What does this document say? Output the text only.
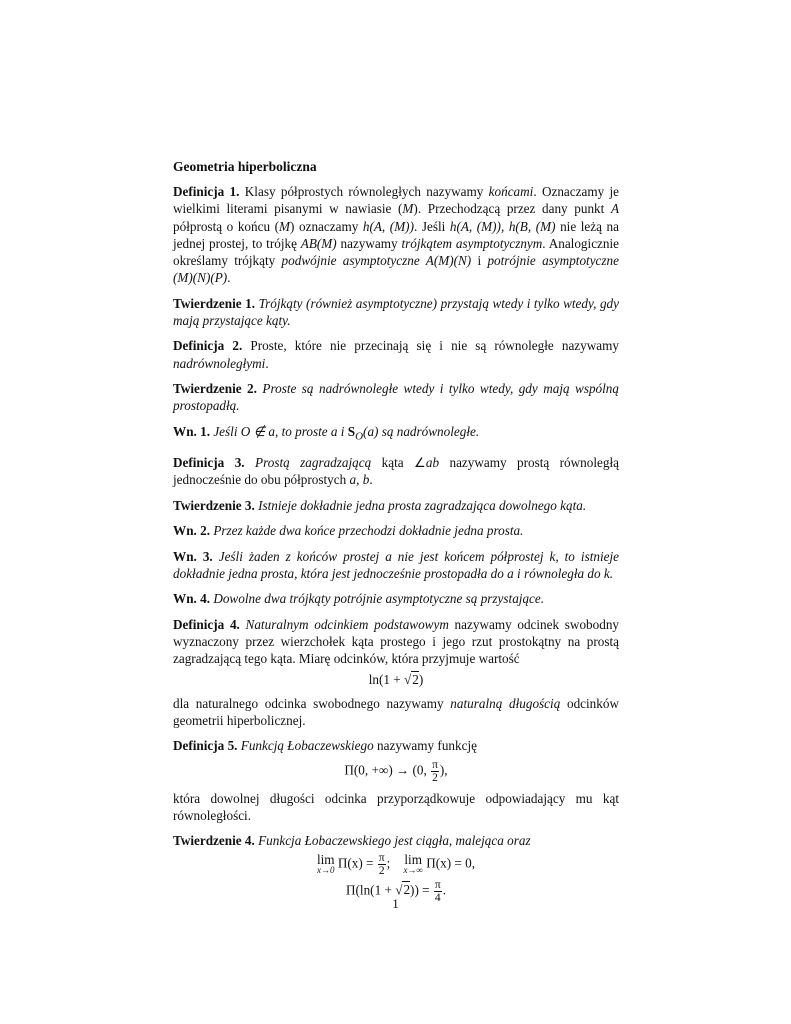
Geometria hiperboliczna

Definicja 1. Klasy półprostych równoległych nazywamy końcami. Oznaczamy je wielkimi literami pisanymi w nawiasie (M). Przechodzącą przez dany punkt A półprostą o końcu (M) oznaczamy h(A, (M)). Jeśli h(A, (M)), h(B, (M) nie leżą na jednej prostej, to trójkę AB(M) nazywamy trójkątem asymptotycznym. Analogicznie określamy trójkąty podwójnie asymptotyczne A(M)(N) i potrójnie asymptotyczne (M)(N)(P).

Twierdzenie 1. Trójkąty (również asymptotyczne) przystają wtedy i tylko wtedy, gdy mają przystające kąty.

Definicja 2. Proste, które nie przecinają się i nie są równoległe nazywamy nadrównoległymi.

Twierdzenie 2. Proste są nadrównoległe wtedy i tylko wtedy, gdy mają wspólną prostopadłą.

Wn. 1. Jeśli O ∉ a, to proste a i $S_O(a)$ są nadrównoległe.

Definicja 3. Prostą zagradzającą kąta ∠ab nazywamy prostą równoległą jednocześnie do obu półprostych a, b.

Twierdzenie 3. Istnieje dokładnie jedna prosta zagradzająca dowolnego kąta.

Wn. 2. Przez każde dwa końce przechodzi dokładnie jedna prosta.

Wn. 3. Jeśli żaden z końców prostej a nie jest końcem półprostej k, to istnieje dokładnie jedna prosta, która jest jednocześnie prostopadła do a i równoległa do k.

Wn. 4. Dowolne dwa trójkąty potrójnie asymptotyczne są przystające.

Definicja 4. Naturalnym odcinkiem podstawowym nazywamy odcinek swobodny wyznaczony przez wierzchołek kąta prostego i jego rzut prostokątny na prostą zagradzającą tego kąta. Miarę odcinków, która przyjmuje wartość
ln(1 + √2)
dla naturalnego odcinka swobodnego nazywamy naturalną długością odcinków geometrii hiperbolicznej.
Definicja 5. Funkcją Łobaczewskiego nazywamy funkcję
Π(0, +∞) → (0, $\frac{\pi}{2}$ ),
która dowolnej długości odcinka przyporządkowuje odpowiadający mu kąt równoległości.
Twierdzenie 4. Funkcja Łobaczewskiego jest ciągła, malejąca oraz
lim
x→0 $\Pi(x) = \frac{\pi}{2}$ ; lim
x→∞ Π(x) = 0,
$\Pi(\ln(1 + √2)) = \frac{\pi}{4}$ .
1
